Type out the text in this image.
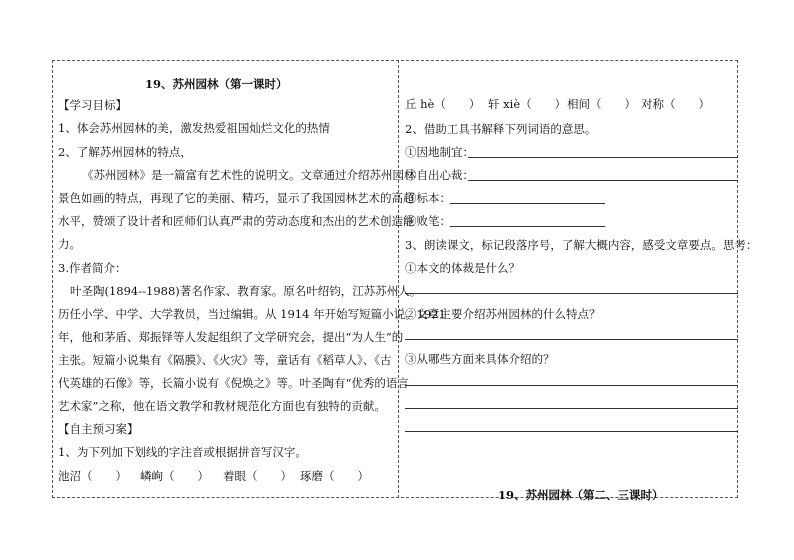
19、苏州园林（第一课时）
【学习目标】
1、体会苏州园林的美，激发热爱祖国灿烂文化的热情
2、了解苏州园林的特点，
《苏州园林》是一篇富有艺术性的说明文。文章通过介绍苏州园林
景色如画的特点，再现了它的美丽、精巧，显示了我国园林艺术的高超
水平，赞颂了设计者和匠师们认真严肃的劳动态度和杰出的艺术创造能
力。
3.作者简介：
叶圣陶(1894--1988)著名作家、教育家。原名叶绍钧，江苏苏州人。
历任小学、中学、大学教员，当过编辑。从 1914 年开始写短篇小说。1921
年，他和茅盾、郑振铎等人发起组织了文学研究会，提出“为人生”的
主张。短篇小说集有《隔膜》、《火灾》等，童话有《稻草人》、《古
代英雄的石像》等，长篇小说有《倪焕之》等。叶圣陶有“优秀的语言
艺术家”之称，他在语文教学和教材规范化方面也有独特的贡献。
【自主预习案】
1、为下列加下划线的字注音或根据拼音写汉字。
池沼（　　） 嶙峋（　　） 着眼（　　） 琢磨（　　）
丘 hè（　　） 轩 xiè（　　） 相间（　　） 对称（　　）
2、借助工具书解释下列词语的意思。
①因地制宜：
②自出心裁：
③标本：
④败笔：
3、朗读课文，标记段落序号，了解大概内容，感受文章要点。思考：
①本文的体裁是什么？
②文章主要介绍苏州园林的什么特点？
③从哪些方面来具体介绍的？
19、苏州园林（第二、三课时）
